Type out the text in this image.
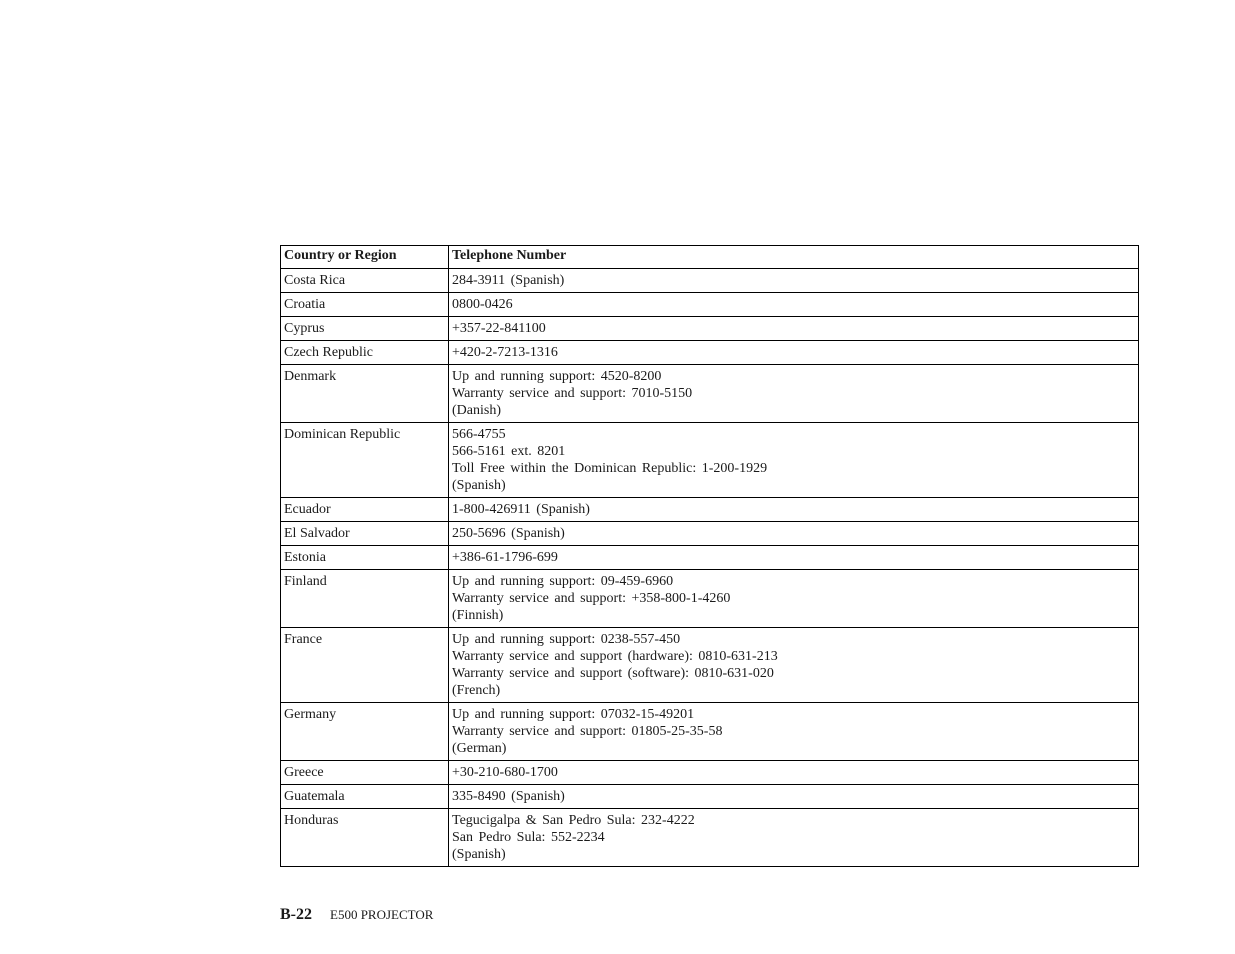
Country or Region	Telephone Number
Costa Rica	284-3911 (Spanish)
Croatia	0800-0426
Cyprus	+357-22-841100
Czech Republic	+420-2-7213-1316
Denmark	Up and running support: 4520-8200
Warranty service and support: 7010-5150
(Danish)
Dominican Republic	566-4755
566-5161 ext. 8201
Toll Free within the Dominican Republic: 1-200-1929
(Spanish)
Ecuador	1-800-426911 (Spanish)
El Salvador	250-5696 (Spanish)
Estonia	+386-61-1796-699
Finland	Up and running support: 09-459-6960
Warranty service and support: +358-800-1-4260
(Finnish)
France	Up and running support: 0238-557-450
Warranty service and support (hardware): 0810-631-213
Warranty service and support (software): 0810-631-020
(French)
Germany	Up and running support: 07032-15-49201
Warranty service and support: 01805-25-35-58
(German)
Greece	+30-210-680-1700
Guatemala	335-8490 (Spanish)
Honduras	Tegucigalpa & San Pedro Sula: 232-4222
San Pedro Sula: 552-2234
(Spanish)
B-22 E500 PROJECTOR
